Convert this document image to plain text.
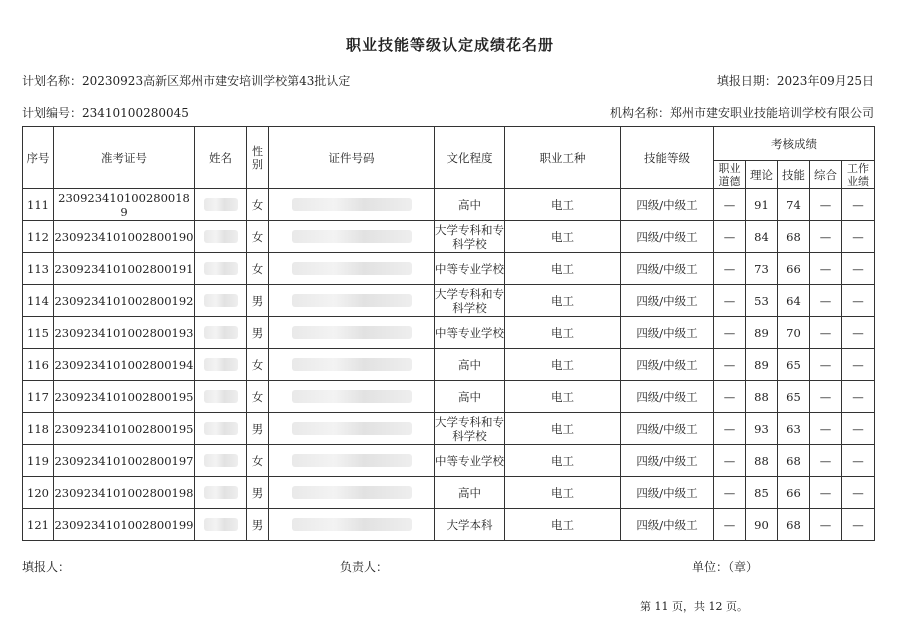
职业技能等级认定成绩花名册
计划名称：20230923高新区郑州市建安培训学校第43批认定	填报日期：2023年09月25日
计划编号：23410100280045	机构名称：郑州市建安职业技能培训学校有限公司
序号	准考证号	姓名	性别	证件号码	文化程度	职业工种	技能等级	考核成绩				
								职业道德	理论	技能	综合	工作业绩
111	230923410100280018 9		女		高中	电工	四级/中级工	—	91	74	—	—
112	2309234101002800190		女		大学专科和专科学校	电工	四级/中级工	—	84	68	—	—
113	2309234101002800191		女		中等专业学校	电工	四级/中级工	—	73	66	—	—
114	2309234101002800192		男		大学专科和专科学校	电工	四级/中级工	—	53	64	—	—
115	2309234101002800193		男		中等专业学校	电工	四级/中级工	—	89	70	—	—
116	2309234101002800194		女		高中	电工	四级/中级工	—	89	65	—	—
117	2309234101002800195		女		高中	电工	四级/中级工	—	88	65	—	—
118	2309234101002800195		男		大学专科和专科学校	电工	四级/中级工	—	93	63	—	—
119	2309234101002800197		女		中等专业学校	电工	四级/中级工	—	88	68	—	—
120	2309234101002800198		男		高中	电工	四级/中级工	—	85	66	—	—
121	2309234101002800199		男		大学本科	电工	四级/中级工	—	90	68	—	—
填报人：	负责人：	单位：（章）
第 11 页，共 12 页。
